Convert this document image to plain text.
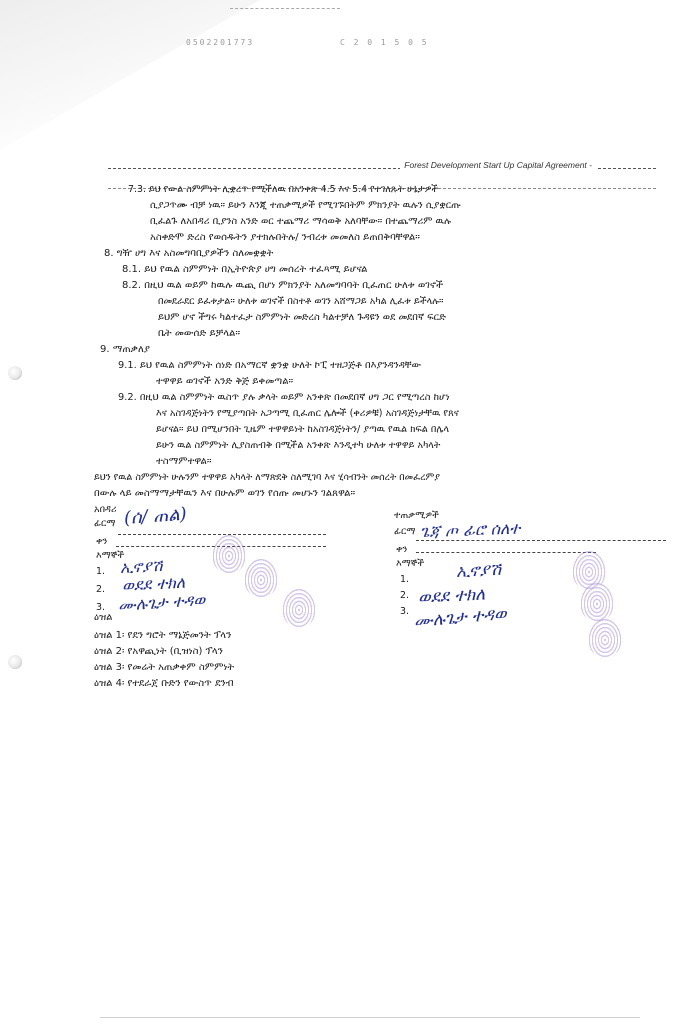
0502201773	C 2 0 1 5 0 5
Forest Development Start Up Capital Agreement -
7.3. ይህ የውል ስምምነት ሊቋረጥ የሚችለዉ በአንቀጽ 4.5 እና 5.4 የተገለጹት ሁኔታዎች
ሲያጋጥሙ ብቻ ነዉ። ይሁን እንጂ ተጠቃሚዎች የሚገኙበትም ምክንያት ዉሉን ሲያቋርጡ
ቢፈልጉ ለአበዳሪ ቢያንስ አንድ ወር ተጨማሪ ማሳወቅ አለባቸው። በተጨማሪም ዉሉ
አስቀድሞ ድረስ የወሰዱትን ያተክሉበትሉ/ ንብረቱ መመለስ ይጠበቅባቸዋል።
8. ግዥ ሀግ እና አስመግባቢያዎችን ስለመቋቋት
8.1. ይህ የዉል ስምምነት በኢትዮጵያ ሀግ መሰረት ተፈጻሚ ይሆናል
8.2. በዚህ ዉል ወይም ከዉሉ ዉጪ በሆነ ምክንያት አለመግባባት ቢፈጠር ሁለቱ ወገኖች
በመደራደር ይፈቱታል። ሁለቱ ወገኖች በስተቶ ወገን አሸማጋይ አካል ሊፈቱ ይችላሉ።
ይህም ሆኖ ችግሩ ካልተፈታ ስምምነት መድረስ ካልተቻለ ጉዳዩን ወደ መደበኛ ፍርድ
ቤት መውሰድ ይቻላል።
9. ማጠቃለያ
9.1. ይህ የዉል ስምምነት ሰነድ በአማርኛ ቋንቋ ሁለት ኮፒ ተዘጋጅቶ በእያንዳንዳቸው
ተዋዋይ ወገኖች አንድ ቅጅ ይቀመጣል።
9.2. በዚህ ዉል ስምምነት ዉስጥ ያሉ ቃላት ወይም አንቀጽ በመደበኛ ሀግ ጋር የሚጣረስ ከሆነ
እና አስገዳጅነትን የሚያጣበት አጋጣሚ ቢፈጠር ሌሎች (ቀሪዎቹ) አስገዳጅነታቸዉ የጸና
ይሆናል። ይህ በሚሆንበት ጊዜም ተዋዋይነት ከአስገዳጅነትን/ ያጣዉ የዉል ክፍል በሌላ
ይሁን ዉል ስምምነት ሊያስጠብቅ በሚችል አንቀጽ እንዲተካ ሁለቱ ተዋዋይ አካላት
ተስማምተዋል።
ይህን የዉል ስምምነት ሁሉንም ተዋዋይ አካላት ለማጽደቅ ስለሚገባ እና ሂሳብንት መሰረት በመፈረምያ
በውሉ ላይ መስማማታቸዉን እና በሁሉም ወገን የሰጡ መሆኑን ገልጸዋል።
አበዳሪ
ፊርማ (ሰ/ ጠል)
ቀን
እማኞች
1. ኢኖያሽ
2. ወደደ ተክለ
3. ሙሉጌታ ተዳወ
ተጠቃሚዎች
ፊርማ ጌጃ ጦ ፊሮ ሰለተ
ቀን
እማኞች
1.	ኢኖያሽ
2. ወደደ ተክለ
3. ሙሉጌታ ተዳወ
ዕዝል
ዕዝል 1፡ የደን ግሮት ማኔጅመንት ፕላን
ዕዝል 2፡ የአዋጪነት (ቢዝነስ) ፕላን
ዕዝል 3፡ የመሬት አጠቃቀም ስምምነት
ዕዝል 4፡ የተደራጀ ቡድን የውስጥ ደንብ
